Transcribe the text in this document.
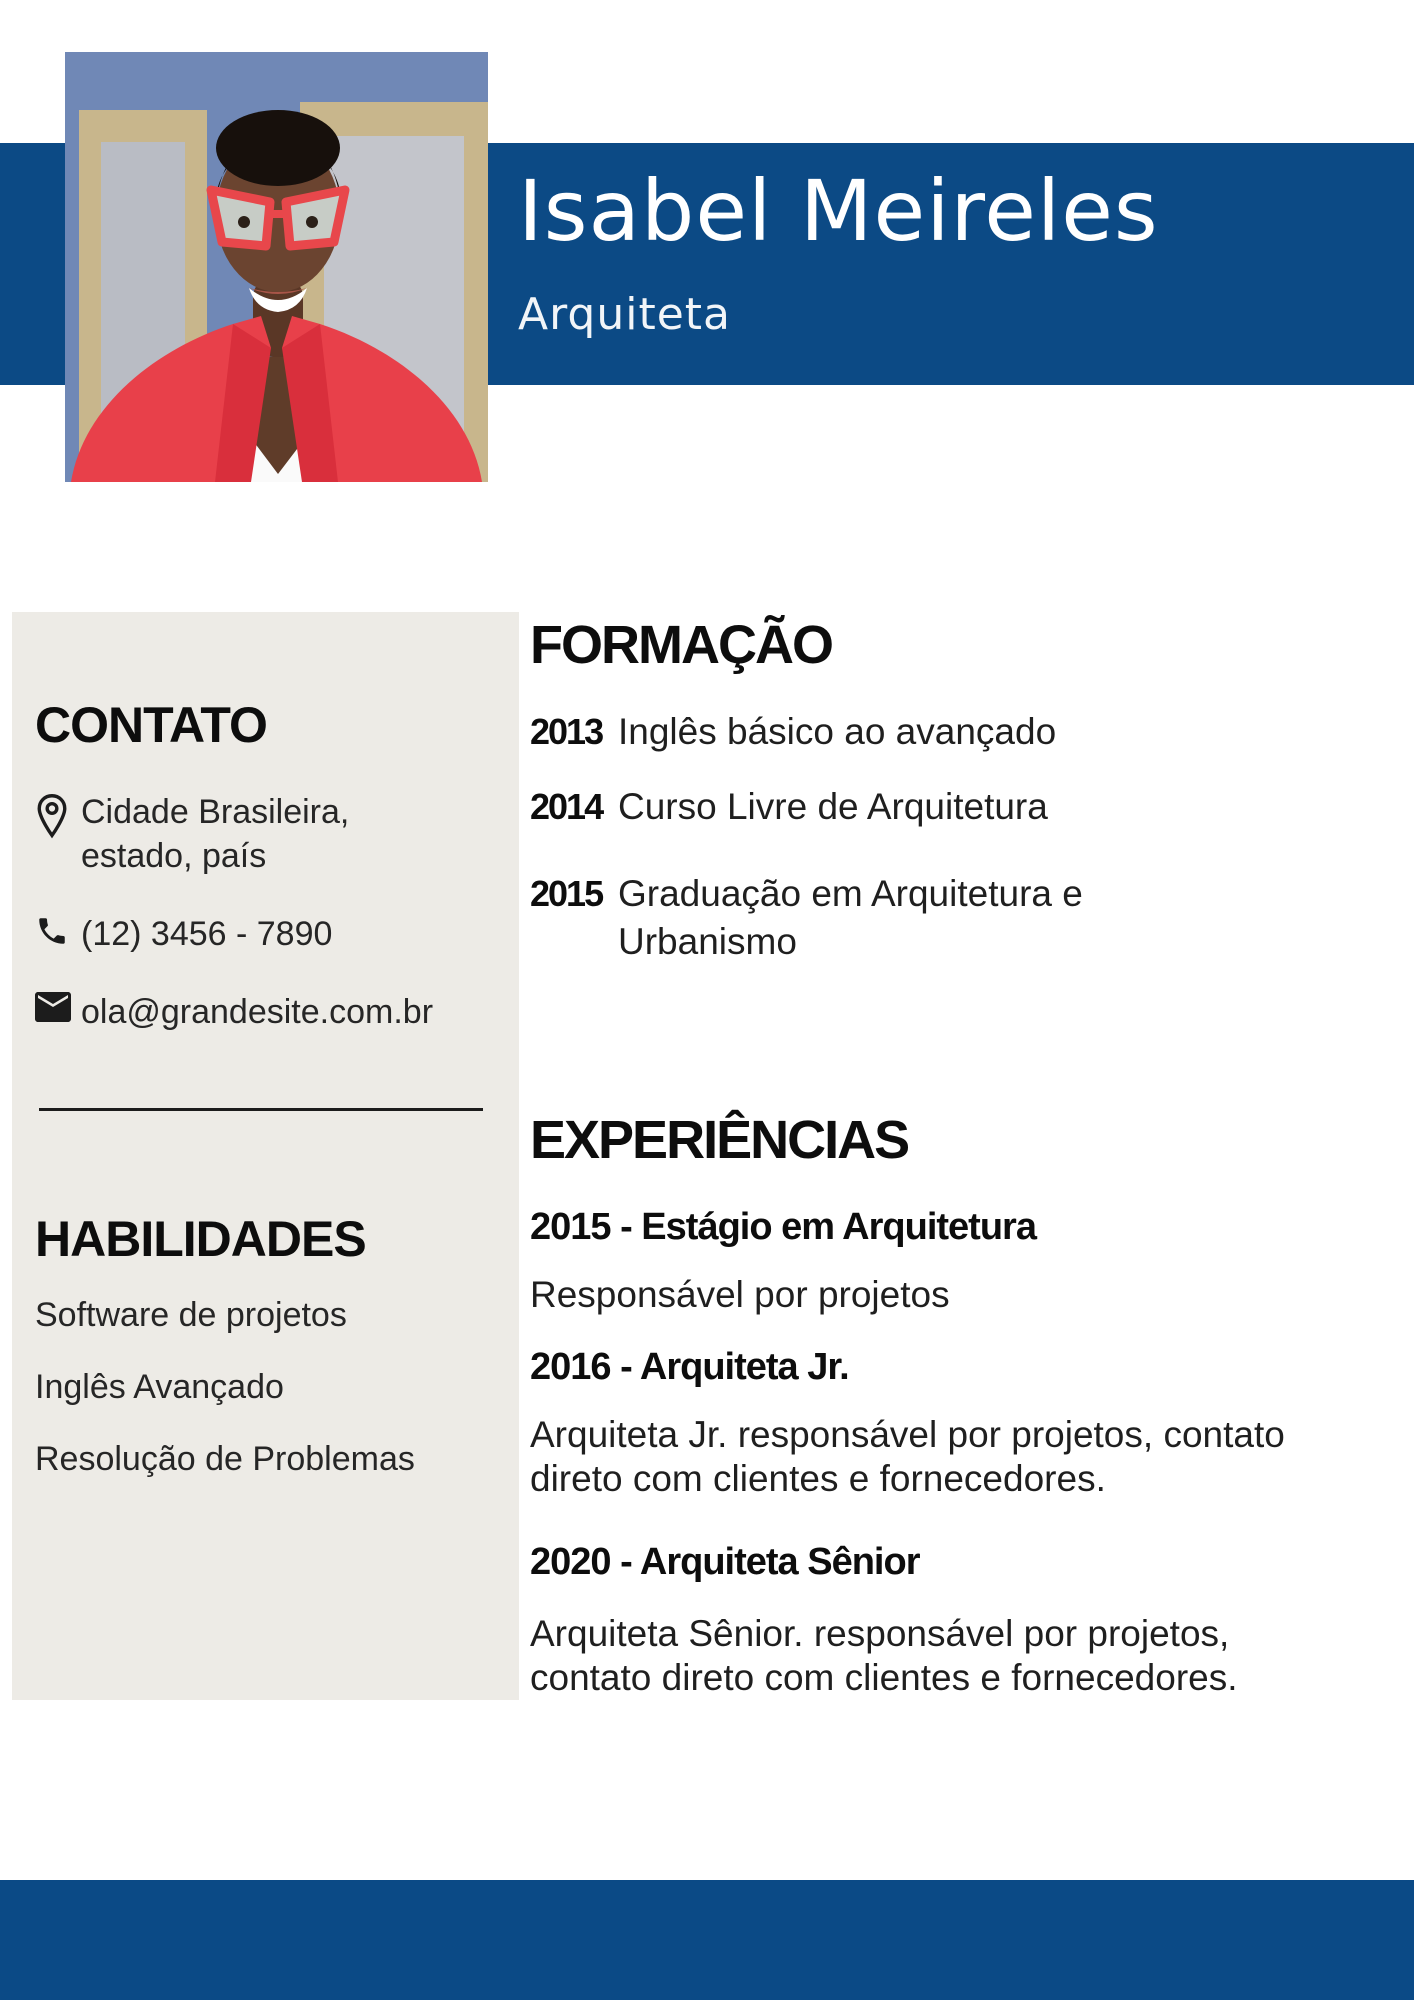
Isabel Meireles
Arquiteta
CONTATO
Cidade Brasileira,
estado, país
(12) 3456 - 7890
ola@grandesite.com.br
HABILIDADES
Software de projetos
Inglês Avançado
Resolução de Problemas
FORMAÇÃO
2013 Inglês básico ao avançado
2014 Curso Livre de Arquitetura
2015 Graduação em Arquitetura e Urbanismo
EXPERIÊNCIAS
2015 - Estágio em Arquitetura
Responsável por projetos
2016 - Arquiteta Jr.
Arquiteta Jr. responsável por projetos, contato direto com clientes e fornecedores.
2020 - Arquiteta Sênior
Arquiteta Sênior. responsável por projetos, contato direto com clientes e fornecedores.
